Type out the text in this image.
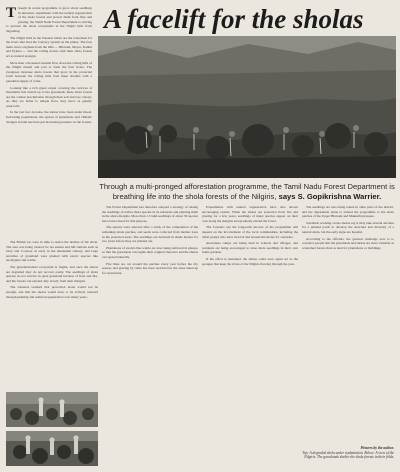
Though its recent programme to grow shola seedlings in nurseries, experiment with the natural regeneration of the shola forests and protect them from fires and grazing, the Tamil Nadu Forest Department is striving to prevent the shola ecosystems in the Nilgiri hills from degrading.

The Nilgiri hills in the Western Ghats are the watershed for the rivers that feed the Cauvery system on the plains. The four main rivers originate from the hills — Bhavani, Moyar, Kabini and Pykara — and the rolling downs with their shola forests act as natural sponges.

More than a thousand streams flow down the rolling hills of the Nilgiri massif and join to form the four rivers. The evergreen montane shola forests that grow in the protected folds between the rolling hills feed these streams with a perennial supply of water.

Looking like a rich green carpet covering the crevices of mountains that stretch up to the grasslands, these shola forests are the coldest precipitation through their soil and tree canopy. As they are home to unique flora, they serve as genetic reservoirs.

In the last few decades, the sholas have been under threat. Increasing populations, the spread of plantations and climatic changes in land use have put increasing pressure on the forests.

A facelift for the sholas
Through a multi-pronged afforestation programme, the Tamil Nadu Forest Department is breathing life into the shola forests of the Nilgiris, says S. Gopikrishna Warrier.

The British too were in time to notice the decline of the shola. The area was being cleared for tea estates and hill stations such as Ooty and Coonoor as early as the nineteenth century, and large stretches of grassland were planted with exotic species like eucalyptus and wattle.

The grassland-shola ecosystem is fragile, and once the sholas are degraded they do not recover easily. The seedlings of shola species do not survive in open grassland because of frost and fire, and the forests can expand only slowly from their margins.

The foresters realised that protection alone would not be enough, and that the sholas would have to be actively restored through planting and assisted regeneration over many years.

The Forest Department has therefore adopted a strategy of raising the seedlings of native shola species in its nurseries and planting them in the shola margins. More than 1.5 lakh seedlings of about 30 species have been raised for this purpose.

The species were selected after a study of the composition of the remaining shola patches, and seeds were collected from mother trees in the protected areas. The seedlings are nurtured in shade houses for two years before they are planted out.

Plantations of exotics like wattle are also being removed in phases, so that the grasslands can regain their original character and the sholas can spread naturally.

Fire lines are cut around the patches every year before the dry season, and grazing by cattle has been restricted in the areas taken up for restoration.

Experiments with natural regeneration have also shown encouraging results. When the sholas are protected from fire and grazing for a few years, seedlings of many species appear on their own along the margins and gradually extend the forest.

The foresters say the long-term success of the programme will depend on the involvement of the local communities, including the tribal groups who have lived in and around the sholas for centuries.

Awareness camps are being held in schools and villages, and residents are being encouraged to raise shola seedlings in their own home gardens.

If the effort is sustained, the sholas could once again act as the sponges that keep the rivers of the Nilgiris flowing through the year.

The seedlings are also being raised in other parts of the district, and the department plans to extend the programme to the shola patches of the Upper Bhavani and Mukurthi plateaus.

Scientists working on the sholas say it may take several decades for a planted patch to develop the structure and diversity of a natural shola, but the early signs are hopeful.

According to the officials, the greatest challenge now is to convince people that the grasslands and sholas are more valuable as watershed forests than as land for plantations or buildings.

Pictures by the author.
Top: A degraded shola under replantation. Below: A view of the Nilgiris. The grasslands shelter the shola forests in their folds.
